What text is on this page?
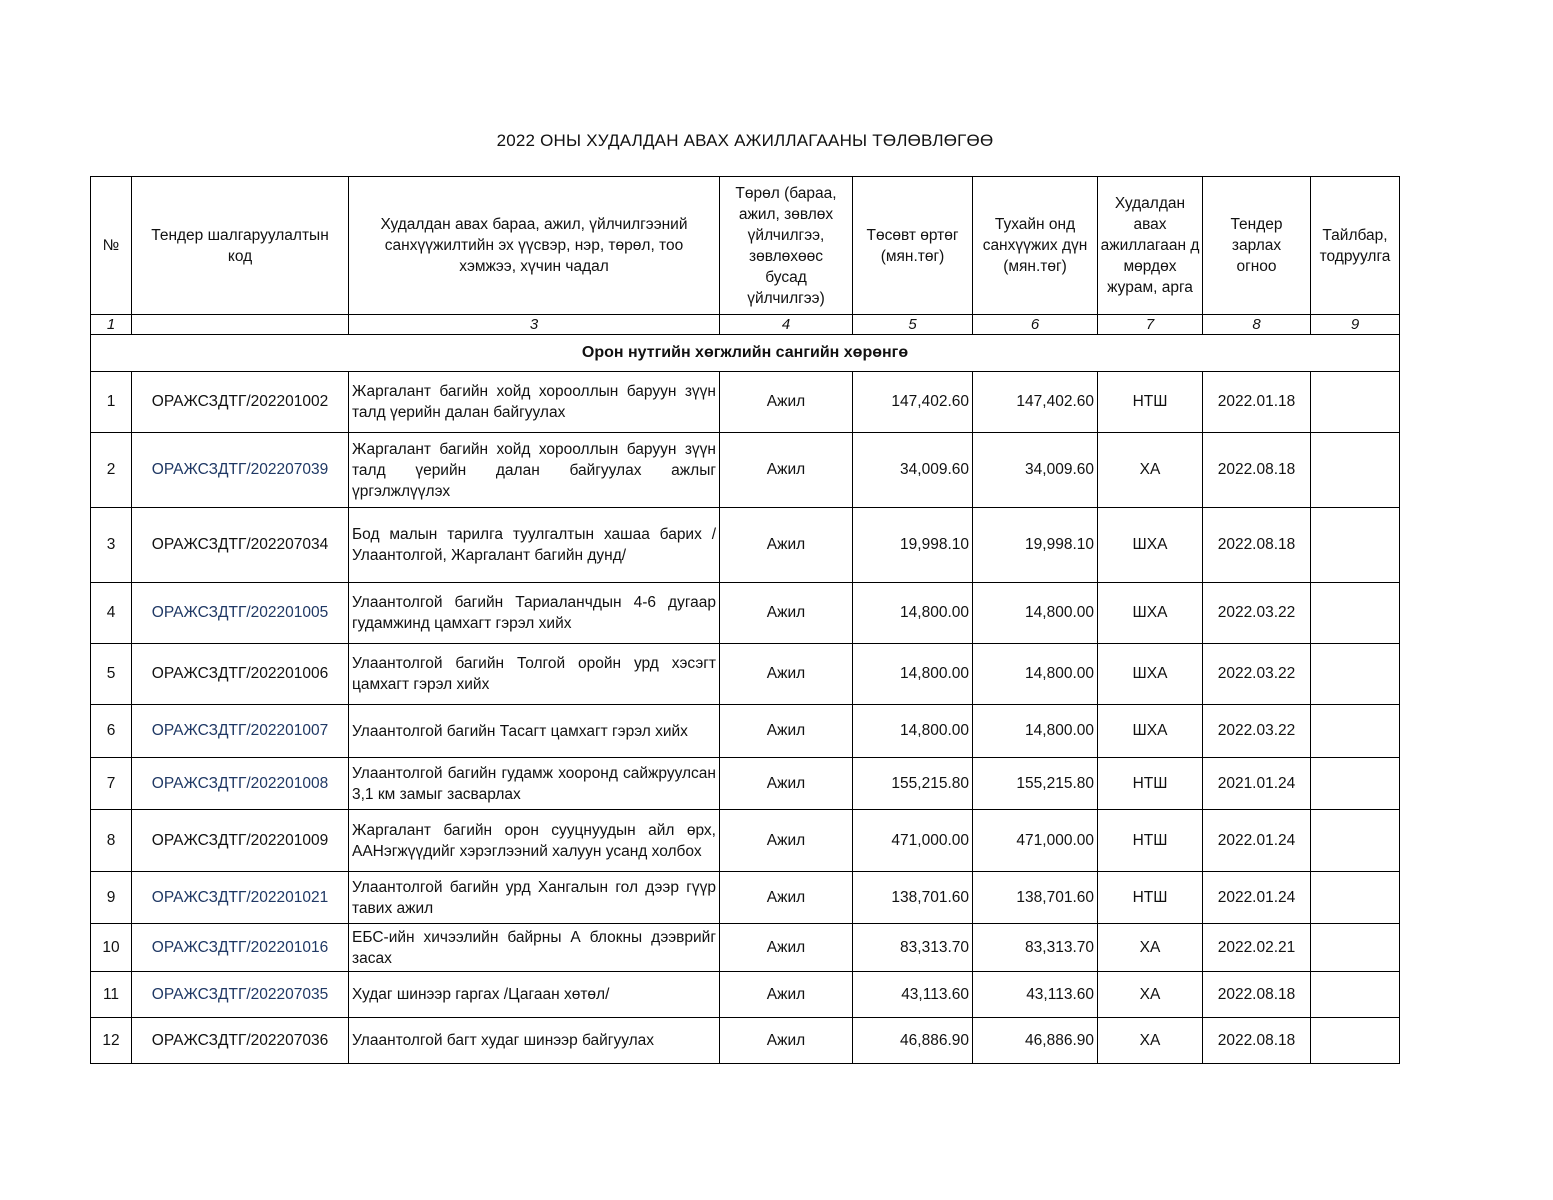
2022 ОНЫ ХУДАЛДАН АВАХ АЖИЛЛАГААНЫ ТӨЛӨВЛӨГӨӨ
№	Тендер шалгаруулалтын код	Худалдан авах бараа, ажил, үйлчилгээний санхүүжилтийн эх үүсвэр, нэр, төрөл, тоо хэмжээ, хүчин чадал	Төрөл (бараа, ажил, зөвлөх үйлчилгээ, зөвлөхөөс бусад үйлчилгээ)	Төсөвт өртөг (мян.төг)	Тухайн онд санхүүжих дүн (мян.төг)	Худалдан авах ажиллагаан д мөрдөх журам, арга	Тендер зарлах огноо	Тайлбар, тодруулга
1		3	4	5	6	7	8	9
Орон нутгийн хөгжлийн сангийн хөрөнгө								
1	ОРАЖСЗДТГ/202201002	Жаргалант багийн хойд хорооллын баруун зүүн талд үерийн далан байгуулах	Ажил	147,402.60	147,402.60	НТШ	2022.01.18	
2	ОРАЖСЗДТГ/202207039	Жаргалант багийн хойд хорооллын баруун зүүн талд үерийн далан байгуулах ажлыг үргэлжлүүлэх	Ажил	34,009.60	34,009.60	ХА	2022.08.18	
3	ОРАЖСЗДТГ/202207034	Бод малын тарилга туулгалтын хашаа барих /Улаантолгой, Жаргалант багийн дунд/	Ажил	19,998.10	19,998.10	ШХА	2022.08.18	
4	ОРАЖСЗДТГ/202201005	Улаантолгой багийн Тариаланчдын 4-6 дугаар гудамжинд цамхагт гэрэл хийх	Ажил	14,800.00	14,800.00	ШХА	2022.03.22	
5	ОРАЖСЗДТГ/202201006	Улаантолгой багийн Толгой оройн урд хэсэгт цамхагт гэрэл хийх	Ажил	14,800.00	14,800.00	ШХА	2022.03.22	
6	ОРАЖСЗДТГ/202201007	Улаантолгой багийн Тасагт цамхагт гэрэл хийх	Ажил	14,800.00	14,800.00	ШХА	2022.03.22	
7	ОРАЖСЗДТГ/202201008	Улаантолгой багийн гудамж хооронд сайжруулсан 3,1 км замыг засварлах	Ажил	155,215.80	155,215.80	НТШ	2021.01.24	
8	ОРАЖСЗДТГ/202201009	Жаргалант багийн орон сууцнуудын айл өрх, ААНэгжүүдийг хэрэглээний халуун усанд холбох	Ажил	471,000.00	471,000.00	НТШ	2022.01.24	
9	ОРАЖСЗДТГ/202201021	Улаантолгой багийн урд Хангалын гол дээр гүүр тавих ажил	Ажил	138,701.60	138,701.60	НТШ	2022.01.24	
10	ОРАЖСЗДТГ/202201016	ЕБС-ийн хичээлийн байрны А блокны дээврийг засах	Ажил	83,313.70	83,313.70	ХА	2022.02.21	
11	ОРАЖСЗДТГ/202207035	Худаг шинээр гаргах /Цагаан хөтөл/	Ажил	43,113.60	43,113.60	ХА	2022.08.18	
12	ОРАЖСЗДТГ/202207036	Улаантолгой багт худаг шинээр байгуулах	Ажил	46,886.90	46,886.90	ХА	2022.08.18	
